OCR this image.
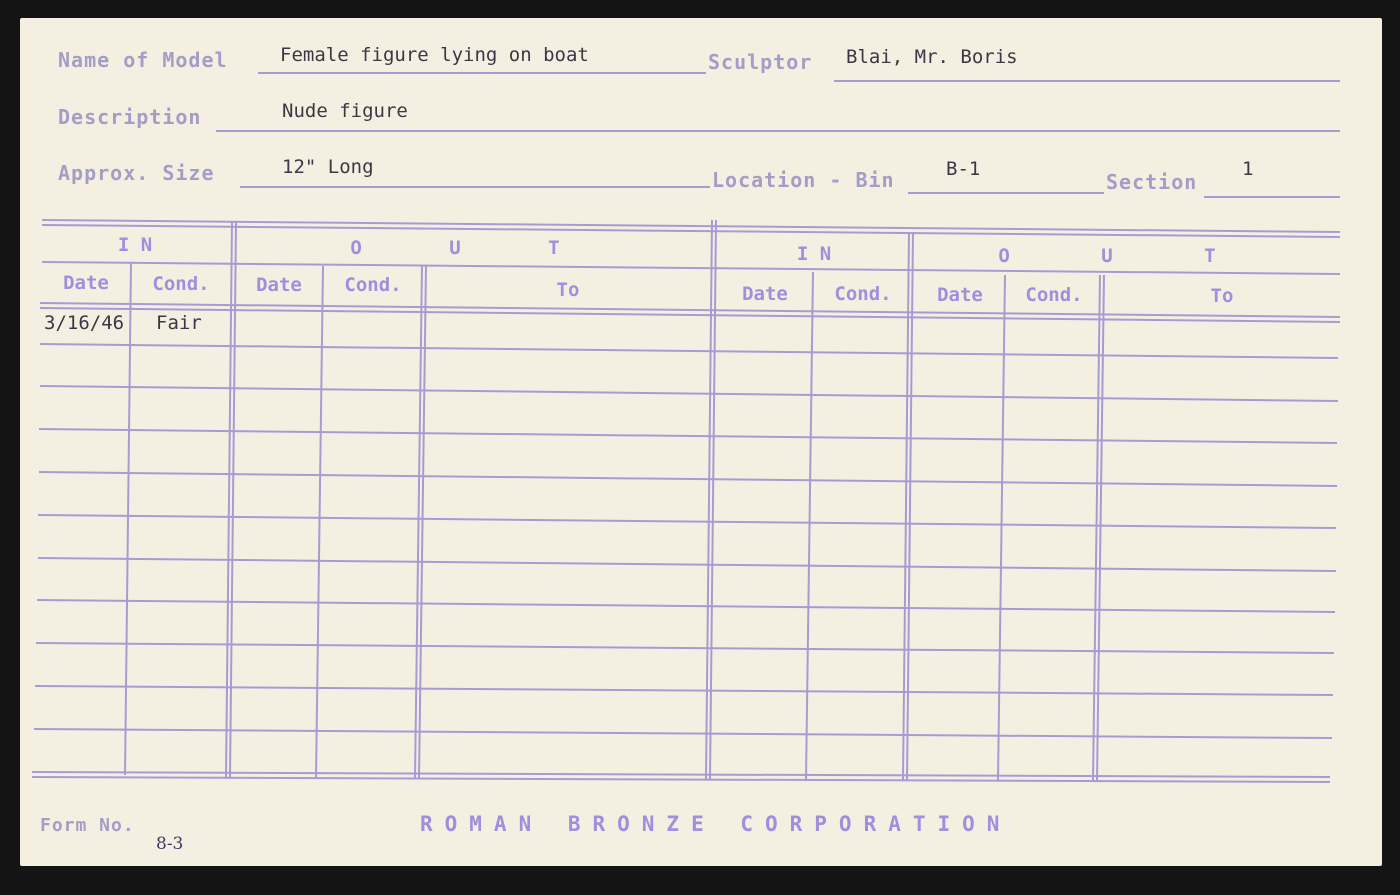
Name of Model	Female figure lying on boat	Sculptor Blai, Mr. Boris
Description	Nude figure
Approx. Size	12" Long
Location - Bin	B-1
Section
1
I N	O U T	I N	O U T
Date	Cond.	Date	Cond.	To	Date	Cond.	Date	Cond.	To
3/16/46 Fair
Form No.
8-3
ROMAN BRONZE CORPORATION
